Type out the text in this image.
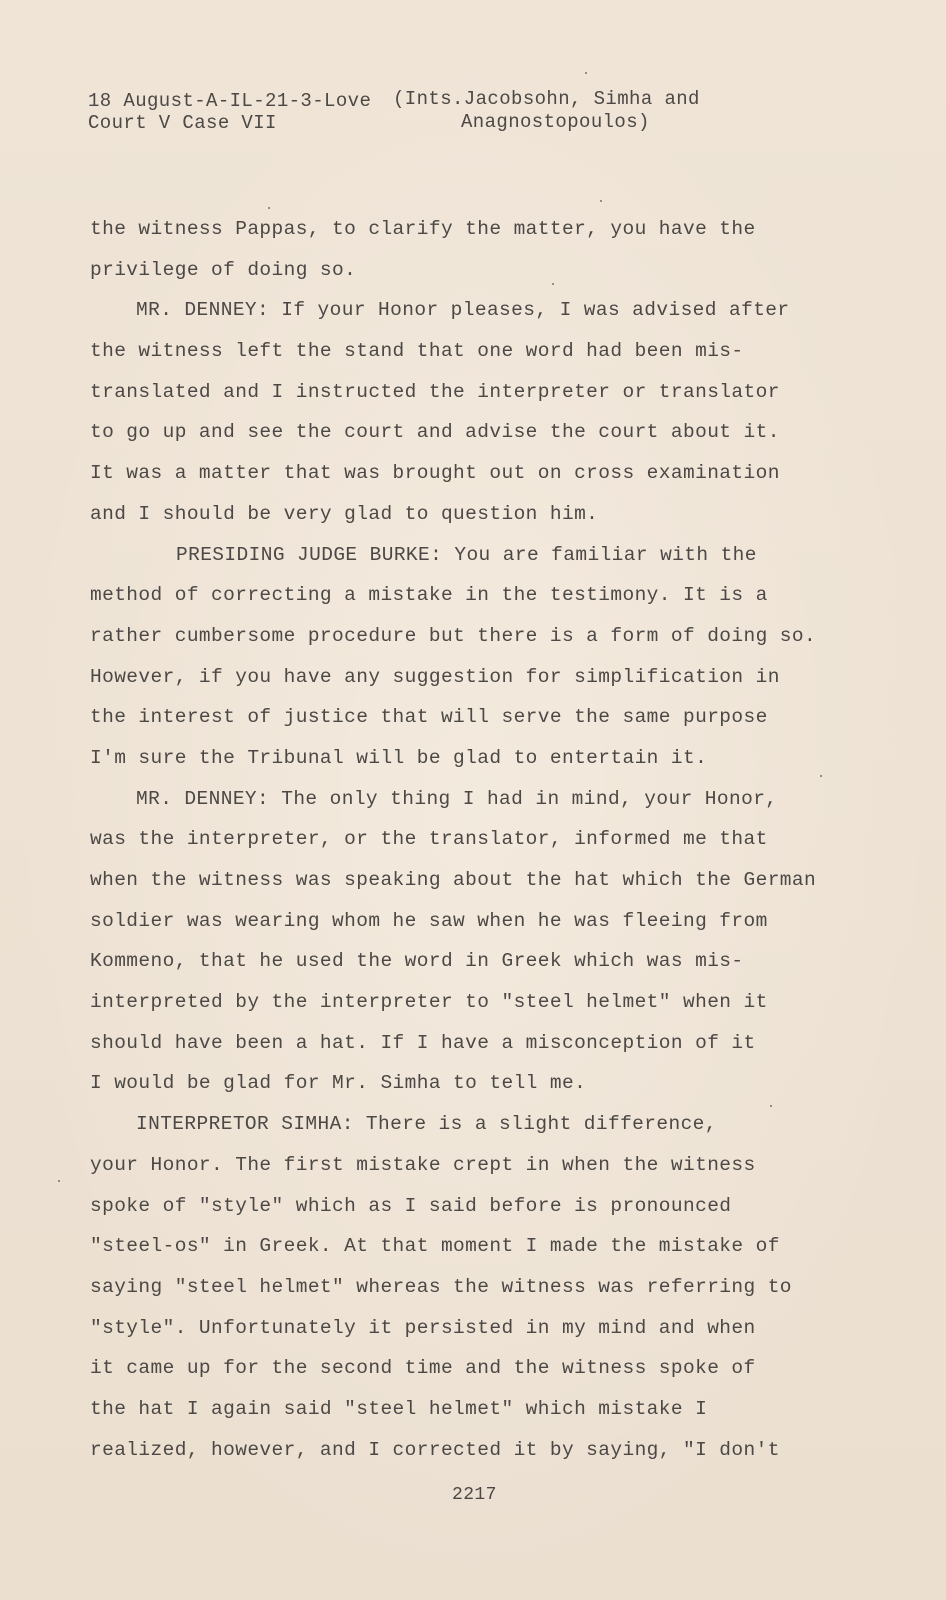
18 August-A-IL-21-3-Love
Court V Case VII
(Ints.Jacobsohn, Simha and
Anagnostopoulos)
the witness Pappas, to clarify the matter, you have the
privilege of doing so.
MR. DENNEY: If your Honor pleases, I was advised after
the witness left the stand that one word had been mis-
translated and I instructed the interpreter or translator
to go up and see the court and advise the court about it.
It was a matter that was brought out on cross examination
and I should be very glad to question him.
PRESIDING JUDGE BURKE: You are familiar with the
method of correcting a mistake in the testimony. It is a
rather cumbersome procedure but there is a form of doing so.
However, if you have any suggestion for simplification in
the interest of justice that will serve the same purpose
I'm sure the Tribunal will be glad to entertain it.
MR. DENNEY: The only thing I had in mind, your Honor,
was the interpreter, or the translator, informed me that
when the witness was speaking about the hat which the German
soldier was wearing whom he saw when he was fleeing from
Kommeno, that he used the word in Greek which was mis-
interpreted by the interpreter to "steel helmet" when it
should have been a hat. If I have a misconception of it
I would be glad for Mr. Simha to tell me.
INTERPRETOR SIMHA: There is a slight difference,
your Honor. The first mistake crept in when the witness
spoke of "style" which as I said before is pronounced
"steel-os" in Greek. At that moment I made the mistake of
saying "steel helmet" whereas the witness was referring to
"style". Unfortunately it persisted in my mind and when
it came up for the second time and the witness spoke of
the hat I again said "steel helmet" which mistake I
realized, however, and I corrected it by saying, "I don't
2217
